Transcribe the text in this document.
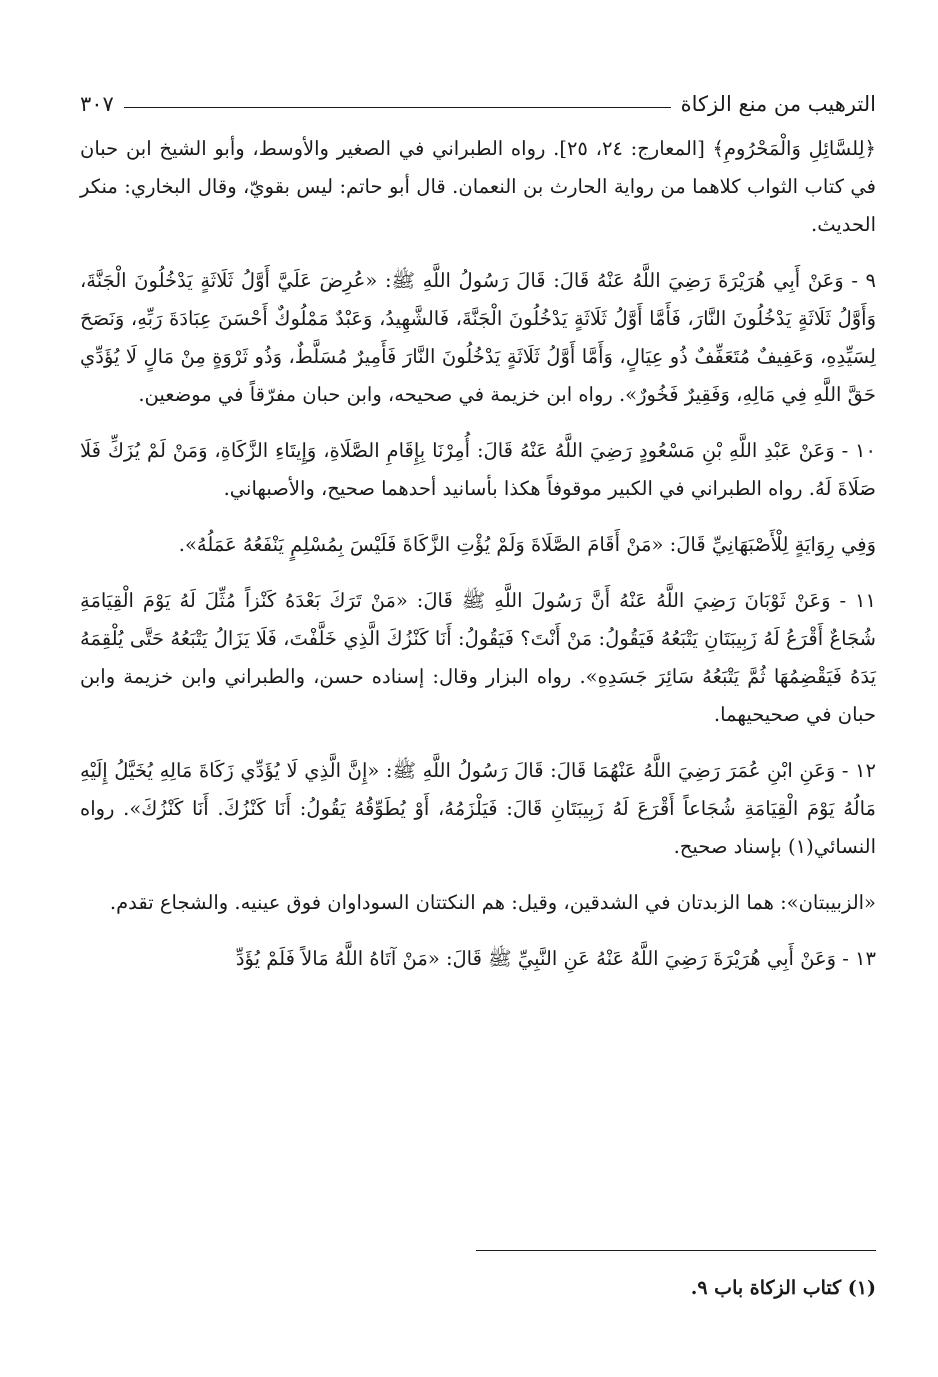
الترهيب من منع الزكاة
٣٠٧

﴿لِلسَّائِلِ وَالْمَحْرُومِ﴾ [المعارج: ٢٤، ٢٥]. رواه الطبراني في الصغير والأوسط، وأبو الشيخ ابن حبان في كتاب الثواب كلاهما من رواية الحارث بن النعمان. قال أبو حاتم: ليس بقويّ، وقال البخاري: منكر الحديث.

٩ - وَعَنْ أَبِي هُرَيْرَةَ رَضِيَ اللَّهُ عَنْهُ قَالَ: قَالَ رَسُولُ اللَّهِ ﷺ: «عُرِضَ عَلَيَّ أَوَّلُ ثَلَاثَةٍ يَدْخُلُونَ الْجَنَّةَ، وَأَوَّلُ ثَلَاثَةٍ يَدْخُلُونَ النَّارَ، فَأَمَّا أَوَّلُ ثَلَاثَةٍ يَدْخُلُونَ الْجَنَّةَ، فَالشَّهِيدُ، وَعَبْدٌ مَمْلُوكٌ أَحْسَنَ عِبَادَةَ رَبِّهِ، وَنَصَحَ لِسَيِّدِهِ، وَعَفِيفٌ مُتَعَفِّفٌ ذُو عِيَالٍ، وَأَمَّا أَوَّلُ ثَلَاثَةٍ يَدْخُلُونَ النَّارَ فَأَمِيرٌ مُسَلَّطٌ، وَذُو ثَرْوَةٍ مِنْ مَالٍ لَا يُؤَدِّي حَقَّ اللَّهِ فِي مَالِهِ، وَفَقِيرٌ فَخُورٌ». رواه ابن خزيمة في صحيحه، وابن حبان مفرّقاً في موضعين.

١٠ - وَعَنْ عَبْدِ اللَّهِ بْنِ مَسْعُودٍ رَضِيَ اللَّهُ عَنْهُ قَالَ: أُمِرْنَا بِإِقَامِ الصَّلَاةِ، وَإِيتَاءِ الزَّكَاةِ، وَمَنْ لَمْ يُزَكِّ فَلَا صَلَاةَ لَهُ. رواه الطبراني في الكبير موقوفاً هكذا بأسانيد أحدهما صحيح، والأصبهاني.

وَفِي رِوَايَةٍ لِلْأَصْبَهَانِيِّ قَالَ: «مَنْ أَقَامَ الصَّلَاةَ وَلَمْ يُؤْتِ الزَّكَاةَ فَلَيْسَ بِمُسْلِمٍ يَنْفَعُهُ عَمَلُهُ».

١١ - وَعَنْ ثَوْبَانَ رَضِيَ اللَّهُ عَنْهُ أَنَّ رَسُولَ اللَّهِ ﷺ قَالَ: «مَنْ تَرَكَ بَعْدَهُ كَنْزاً مُثِّلَ لَهُ يَوْمَ الْقِيَامَةِ شُجَاعٌ أَقْرَعُ لَهُ زَبِيبَتَانِ يَتْبَعُهُ فَيَقُولُ: مَنْ أَنْتَ؟ فَيَقُولُ: أَنَا كَنْزُكَ الَّذِي خَلَّفْتَ، فَلَا يَزَالُ يَتْبَعُهُ حَتَّى يُلْقِمَهُ يَدَهُ فَيَقْضِمُهَا ثُمَّ يَتْبَعُهُ سَائِرَ جَسَدِهِ». رواه البزار وقال: إسناده حسن، والطبراني وابن خزيمة وابن حبان في صحيحيهما.

١٢ - وَعَنِ ابْنِ عُمَرَ رَضِيَ اللَّهُ عَنْهُمَا قَالَ: قَالَ رَسُولُ اللَّهِ ﷺ: «إِنَّ الَّذِي لَا يُؤَدِّي زَكَاةَ مَالِهِ يُخَيَّلُ إِلَيْهِ مَالُهُ يَوْمَ الْقِيَامَةِ شُجَاعاً أَقْرَعَ لَهُ زَبِيبَتَانِ قَالَ: فَيَلْزَمُهُ، أَوْ يُطَوِّقُهُ يَقُولُ: أَنَا كَنْزُكَ. أَنَا كَنْزُكَ». رواه النسائي(١) بإسناد صحيح.

«الزبيبتان»: هما الزبدتان في الشدقين، وقيل: هم النكتتان السوداوان فوق عينيه. والشجاع تقدم.

١٣ - وَعَنْ أَبِي هُرَيْرَةَ رَضِيَ اللَّهُ عَنْهُ عَنِ النَّبِيِّ ﷺ قَالَ: «مَنْ آتَاهُ اللَّهُ مَالاً فَلَمْ يُؤَدِّ

(١) كتاب الزكاة باب ٩.
